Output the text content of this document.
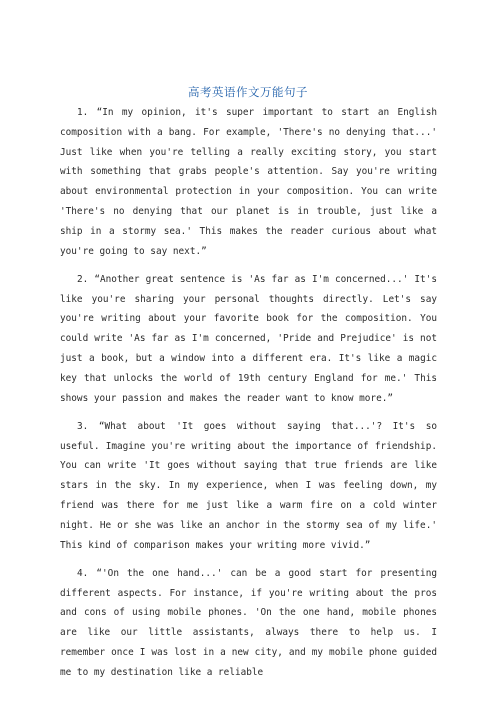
高考英语作文万能句子

1. “In my opinion, it's super important to start an English composition with a bang. For example, 'There's no denying that...' Just like when you're telling a really exciting story, you start with something that grabs people's attention. Say you're writing about environmental protection in your composition. You can write 'There's no denying that our planet is in trouble, just like a ship in a stormy sea.' This makes the reader curious about what you're going to say next.”

2. “Another great sentence is 'As far as I'm concerned...' It's like you're sharing your personal thoughts directly. Let's say you're writing about your favorite book for the composition. You could write 'As far as I'm concerned, 'Pride and Prejudice' is not just a book, but a window into a different era. It's like a magic key that unlocks the world of 19th century England for me.' This shows your passion and makes the reader want to know more.”

3. “What about 'It goes without saying that...'? It's so useful. Imagine you're writing about the importance of friendship. You can write 'It goes without saying that true friends are like stars in the sky. In my experience, when I was feeling down, my friend was there for me just like a warm fire on a cold winter night. He or she was like an anchor in the stormy sea of my life.' This kind of comparison makes your writing more vivid.”

4. “'On the one hand...' can be a good start for presenting different aspects. For instance, if you're writing about the pros and cons of using mobile phones. 'On the one hand, mobile phones are like our little assistants, always there to help us. I remember once I was lost in a new city, and my mobile phone guided me to my destination like a reliable
